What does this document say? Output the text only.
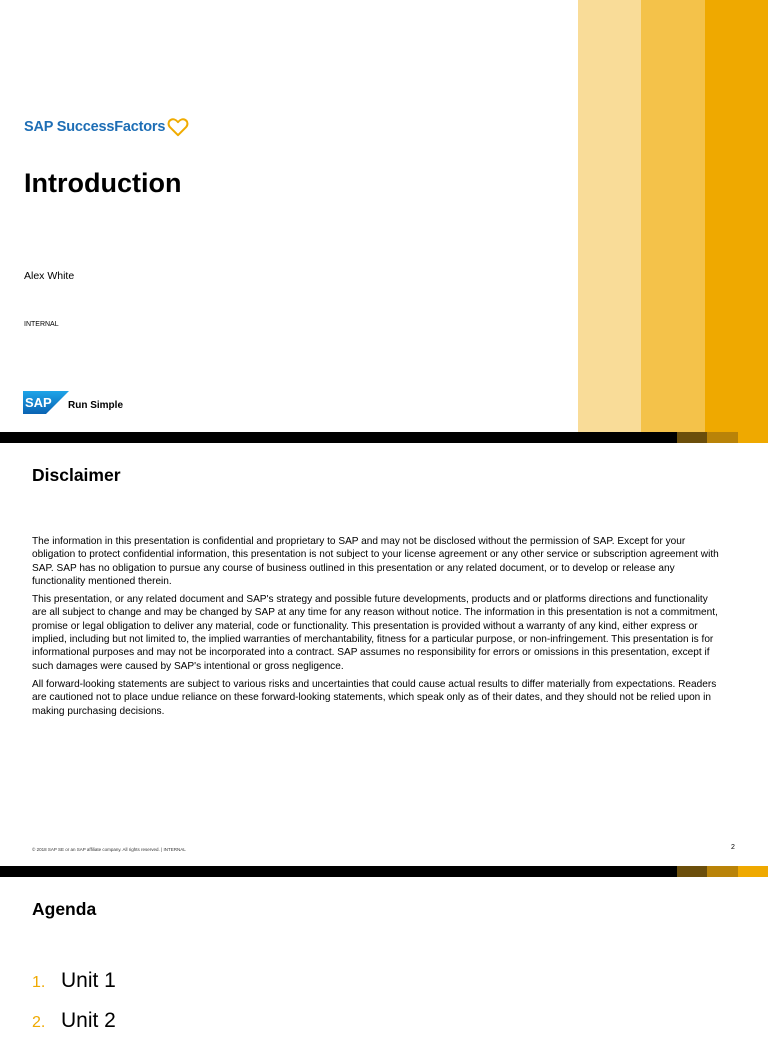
SAP SuccessFactors
Introduction
Alex White
INTERNAL
SAP Run Simple
Disclaimer

The information in this presentation is confidential and proprietary to SAP and may not be disclosed without the permission of SAP. Except for your obligation to protect confidential information, this presentation is not subject to your license agreement or any other service or subscription agreement with SAP. SAP has no obligation to pursue any course of business outlined in this presentation or any related document, or to develop or release any functionality mentioned therein.

This presentation, or any related document and SAP's strategy and possible future developments, products and or platforms directions and functionality are all subject to change and may be changed by SAP at any time for any reason without notice. The information in this presentation is not a commitment, promise or legal obligation to deliver any material, code or functionality. This presentation is provided without a warranty of any kind, either express or implied, including but not limited to, the implied warranties of merchantability, fitness for a particular purpose, or non-infringement. This presentation is for informational purposes and may not be incorporated into a contract. SAP assumes no responsibility for errors or omissions in this presentation, except if such damages were caused by SAP's intentional or gross negligence.

All forward-looking statements are subject to various risks and uncertainties that could cause actual results to differ materially from expectations. Readers are cautioned not to place undue reliance on these forward-looking statements, which speak only as of their dates, and they should not be relied upon in making purchasing decisions.

© 2018 SAP SE or an SAP affiliate company. All rights reserved. | INTERNAL	2
Agenda
1. Unit 1
2. Unit 2
